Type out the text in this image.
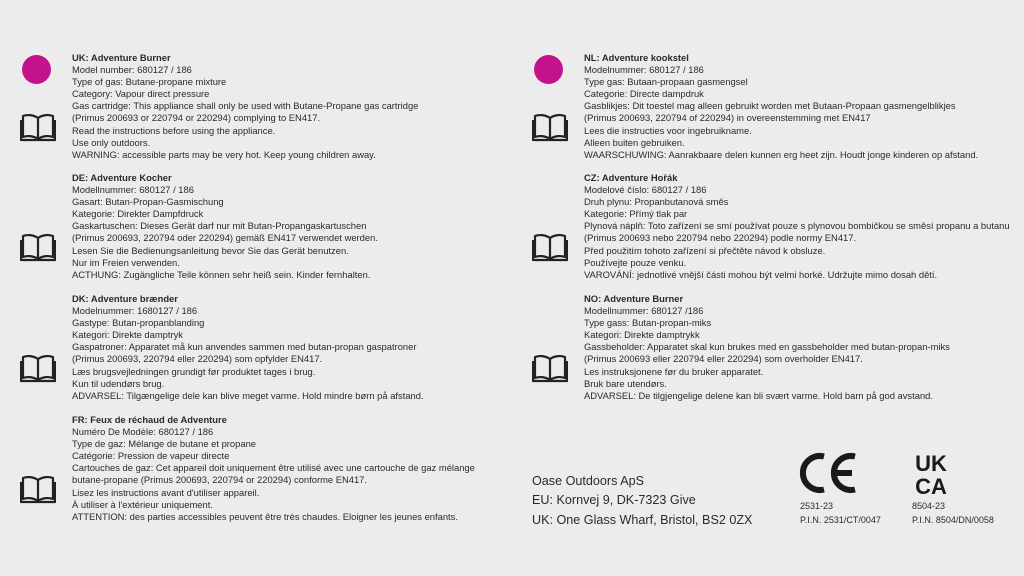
UK: Adventure Burner
Model number: 680127 / 186
Type of gas: Butane-propane mixture
Category: Vapour direct pressure
Gas cartridge: This appliance shall only be used with Butane-Propane gas cartridge
(Primus 200693 or 220794 or 220294) complying to EN417.
Read the instructions before using the appliance.
Use only outdoors.
WARNING: accessible parts may be very hot. Keep young children away.
DE: Adventure Kocher
Modellnummer: 680127 / 186
Gasart: Butan-Propan-Gasmischung
Kategorie: Direkter Dampfdruck
Gaskartuschen: Dieses Gerät darf nur mit Butan-Propangaskartuschen
(Primus 200693, 220794 oder 220294) gemäß EN417 verwendet werden.
Lesen Sie die Bedienungsanleitung bevor Sie das Gerät benutzen.
Nur im Freien verwenden.
ACTHUNG: Zugängliche Teile können sehr heiß sein. Kinder fernhalten.
DK: Adventure brænder
Modelnummer: 1680127 / 186
Gastype: Butan-propanblanding
Kategori: Direkte damptryk
Gaspatroner: Apparatet må kun anvendes sammen med butan-propan gaspatroner
(Primus 200693, 220794 eller 220294) som opfylder EN417.
Læs brugsvejledningen grundigt før produktet tages i brug.
Kun til udendørs brug.
ADVARSEL: Tilgængelige dele kan blive meget varme. Hold mindre børn på afstand.
FR: Feux de réchaud de Adventure
Numéro De Modèle: 680127 / 186
Type de gaz: Mélange de butane et propane
Catégorie: Pression de vapeur directe
Cartouches de gaz: Cet appareil doit uniquement être utilisé avec une cartouche de gaz mélange
butane-propane (Primus 200693, 220794 or 220294) conforme EN417.
Lisez les instructions avant d'utiliser appareil.
À utiliser à l'extérieur uniquement.
ATTENTION: des parties accessibles peuvent être très chaudes. Eloigner les jeunes enfants.
NL: Adventure kookstel
Modelnummer: 680127 / 186
Type gas: Butaan-propaan gasmengsel
Categorie: Directe dampdruk
Gasblikjes: Dit toestel mag alleen gebruikt worden met Butaan-Propaan gasmengelblikjes
(Primus 200693, 220794 of 220294) in overeenstemming met EN417
Lees die instructies voor ingebruikname.
Alleen buiten gebruiken.
WAARSCHUWING: Aanrakbaare delen kunnen erg heet zijn. Houdt jonge kinderen op afstand.
CZ: Adventure Hořák
Modelové číslo: 680127 / 186
Druh plynu: Propanbutanová směs
Kategorie: Přímý tlak par
Plynová náplň: Toto zařízení se smí používat pouze s plynovou bombičkou se směsí propanu a butanu
(Primus 200693 nebo 220794 nebo 220294) podle normy EN417.
Před použitím tohoto zařízení si přečtěte návod k obsluze.
Používejte pouze venku.
VAROVÁNÍ: jednotlivé vnější části mohou být velmi horké. Udržujte mimo dosah dětí.
NO: Adventure Burner
Modellnummer: 680127 /186
Type gass: Butan-propan-miks
Kategori: Direkte damptrykk
Gassbeholder: Apparatet skal kun brukes med en gassbeholder med butan-propan-miks
(Primus 200693 eller 220794 eller 220294) som overholder EN417.
Les instruksjonene før du bruker apparatet.
Bruk bare utendørs.
ADVARSEL: De tilgjengelige delene kan bli svært varme. Hold barn på god avstand.
Oase Outdoors ApS
EU: Kornvej 9, DK-7323 Give
UK: One Glass Wharf, Bristol, BS2 0ZX
2531-23
P.I.N. 2531/CT/0047
UK
CA
8504-23
P.I.N. 8504/DN/0058
